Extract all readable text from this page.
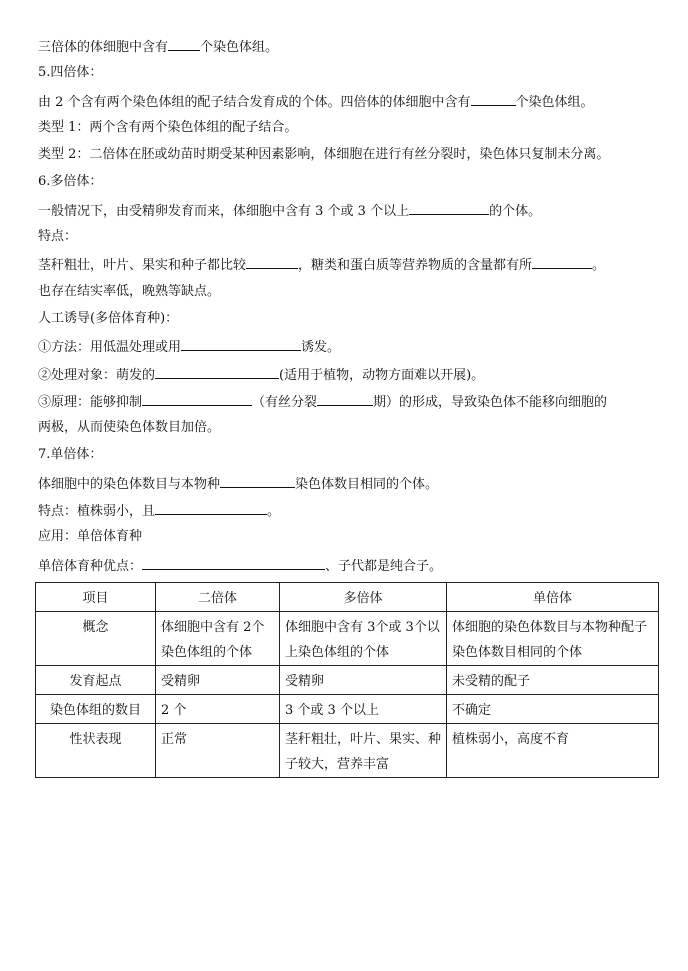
三倍体的体细胞中含有 个染色体组。
5.四倍体：
由 2 个含有两个染色体组的配子结合发育成的个体。四倍体的体细胞中含有	个染色体组。
类型 1：两个含有两个染色体组的配子结合。
类型 2：二倍体在胚或幼苗时期受某种因素影响，体细胞在进行有丝分裂时，染色体只复制未分离。
6.多倍体：
一般情况下，由受精卵发育而来，体细胞中含有 3 个或 3 个以上	的个体。
特点：
茎秆粗壮，叶片、果实和种子都比较	，糖类和蛋白质等营养物质的含量都有所	。
也存在结实率低，晚熟等缺点。
人工诱导(多倍体育种)：
①方法：用低温处理或用	诱发。
②处理对象：萌发的	(适用于植物，动物方面难以开展)。
③原理：能够抑制	（有丝分裂	期）的形成，导致染色体不能移向细胞的
两极，从而使染色体数目加倍。
7.单倍体：
体细胞中的染色体数目与本物种	染色体数目相同的个体。
特点：植株弱小，且	。
应用：单倍体育种
单倍体育种优点：	、子代都是纯合子。
项目	二倍体	多倍体	单倍体
概念	体细胞中含有 2个染色体组的个体	体细胞中含有 3个或 3个以上染色体组的个体	体细胞的染色体数目与本物种配子染色体数目相同的个体
发育起点	受精卵	受精卵	未受精的配子
染色体组的数目	2 个	3 个或 3 个以上	不确定
性状表现	正常	茎秆粗壮，叶片、果实、种子较大，营养丰富	植株弱小，高度不育
